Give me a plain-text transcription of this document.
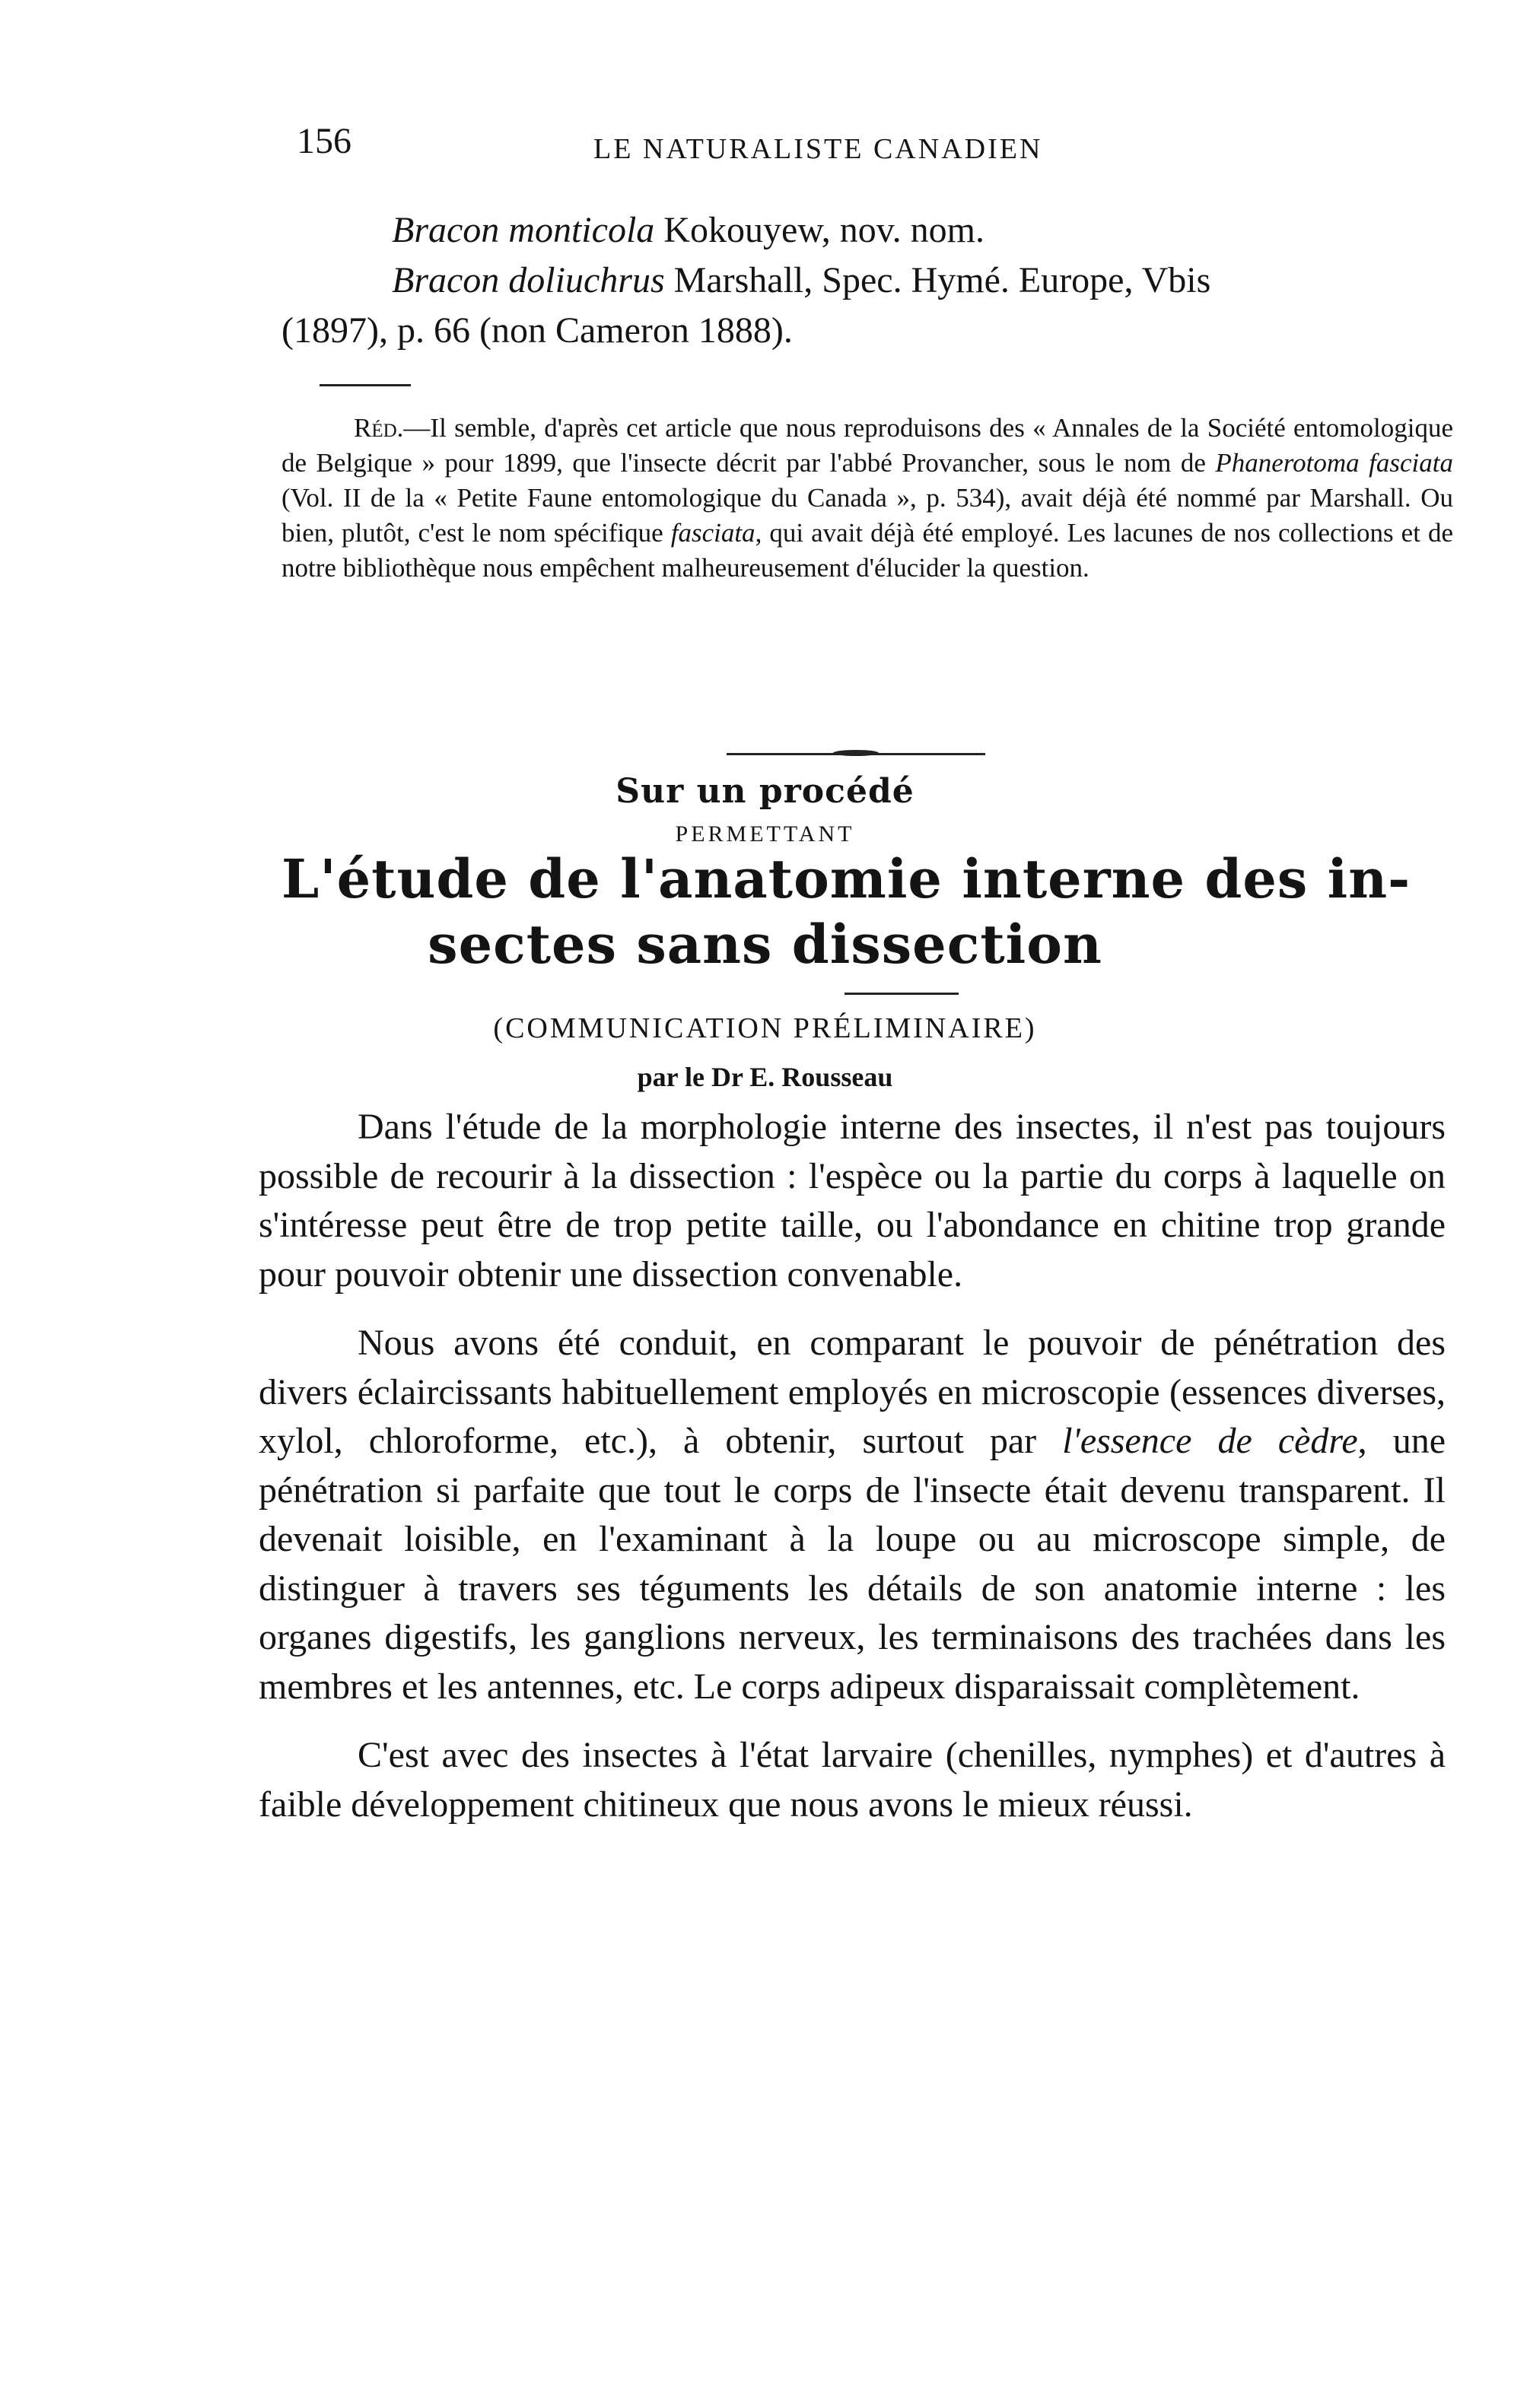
156	LE NATURALISTE CANADIEN
Bracon monticola Kokouyew, nov. nom.
Bracon doliuchrus Marshall, Spec. Hymé. Europe, Vbis
(1897), p. 66 (non Cameron 1888).
Réd.—Il semble, d'après cet article que nous reproduisons des « Annales de la Société entomologique de Belgique » pour 1899, que l'insecte décrit par l'abbé Provancher, sous le nom de Phanerotoma fasciata (Vol. II de la « Petite Faune entomologique du Canada », p. 534), avait déjà été nommé par Marshall. Ou bien, plutôt, c'est le nom spécifique fasciata, qui avait déjà été employé. Les lacunes de nos collections et de notre bibliothèque nous empêchent malheureusement d'élucider la question.
Sur un procédé
PERMETTANT
L'étude de l'anatomie interne des in-
sectes sans dissection
(COMMUNICATION PRÉLIMINAIRE)
par le Dr E. Rousseau

Dans l'étude de la morphologie interne des insectes, il n'est pas toujours possible de recourir à la dissection : l'espèce ou la partie du corps à laquelle on s'intéresse peut être de trop petite taille, ou l'abondance en chitine trop grande pour pouvoir obtenir une dissection convenable.

Nous avons été conduit, en comparant le pouvoir de pénétration des divers éclaircissants habituellement employés en microscopie (essences diverses, xylol, chloroforme, etc.), à obtenir, surtout par l'essence de cèdre, une pénétration si parfaite que tout le corps de l'insecte était devenu transparent. Il devenait loisible, en l'examinant à la loupe ou au microscope simple, de distinguer à travers ses téguments les détails de son anatomie interne : les organes digestifs, les ganglions nerveux, les terminaisons des trachées dans les membres et les antennes, etc. Le corps adipeux disparaissait complètement.

C'est avec des insectes à l'état larvaire (chenilles, nymphes) et d'autres à faible développement chitineux que nous avons le mieux réussi.
